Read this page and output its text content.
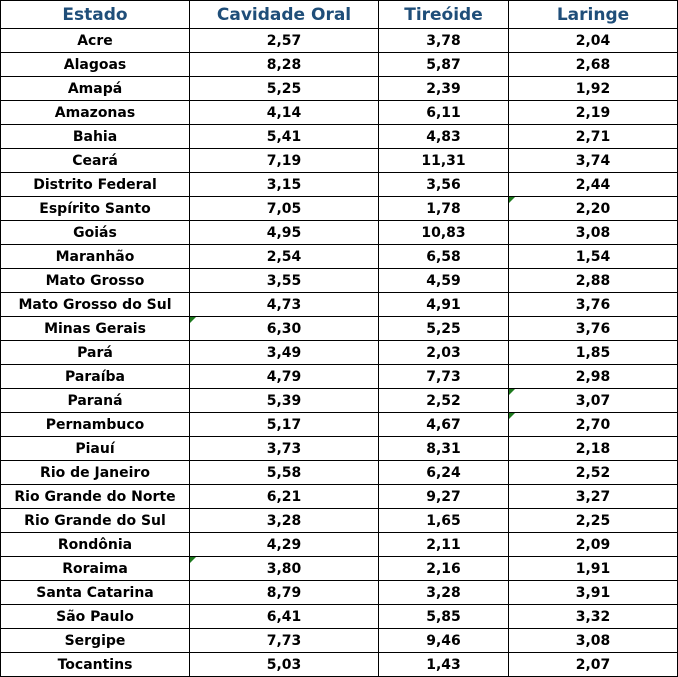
Estado	Cavidade Oral	Tireóide	Laringe
Acre	2,57	3,78	2,04
Alagoas	8,28	5,87	2,68
Amapá	5,25	2,39	1,92
Amazonas	4,14	6,11	2,19
Bahia	5,41	4,83	2,71
Ceará	7,19	11,31	3,74
Distrito Federal	3,15	3,56	2,44
Espírito Santo	7,05	1,78	2,20
Goiás	4,95	10,83	3,08
Maranhão	2,54	6,58	1,54
Mato Grosso	3,55	4,59	2,88
Mato Grosso do Sul	4,73	4,91	3,76
Minas Gerais	6,30	5,25	3,76
Pará	3,49	2,03	1,85
Paraíba	4,79	7,73	2,98
Paraná	5,39	2,52	3,07
Pernambuco	5,17	4,67	2,70
Piauí	3,73	8,31	2,18
Rio de Janeiro	5,58	6,24	2,52
Rio Grande do Norte	6,21	9,27	3,27
Rio Grande do Sul	3,28	1,65	2,25
Rondônia	4,29	2,11	2,09
Roraima	3,80	2,16	1,91
Santa Catarina	8,79	3,28	3,91
São Paulo	6,41	5,85	3,32
Sergipe	7,73	9,46	3,08
Tocantins	5,03	1,43	2,07
